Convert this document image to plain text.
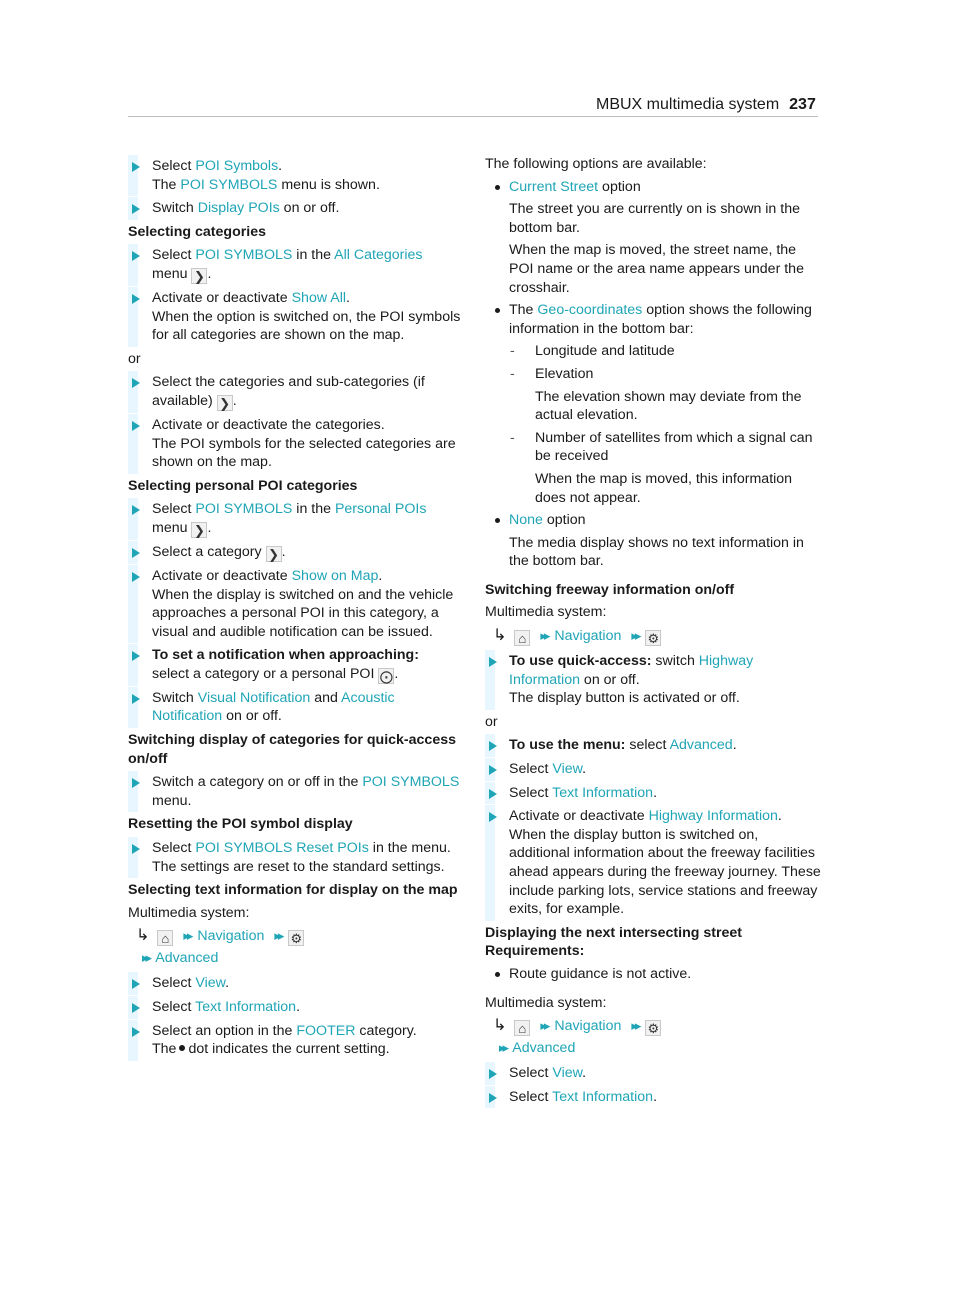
MBUX multimedia system 237

Select POI Symbols.

The POI SYMBOLS menu is shown.

Switch Display POIs on or off.

Selecting categories

Select POI SYMBOLS in the All Categories

menu ❯ .

Activate or deactivate Show All.

When the option is switched on, the POI symbols for all categories are shown on the map.

or

Select the categories and sub-categories (if available) ❯ .

Activate or deactivate the categories.

The POI symbols for the selected categories are shown on the map.

Selecting personal POI categories

Select POI SYMBOLS in the Personal POIs

menu ❯ .

Select a category ❯ .

Activate or deactivate Show on Map.

When the display is switched on and the vehicle approaches a personal POI in this category, a visual and audible notification can be issued.

To set a notification when approaching:

select a category or a personal POI ⨀ .

Switch Visual Notification and Acoustic Notification on or off.

Switching display of categories for quick-access on/off

Switch a category on or off in the POI SYMBOLS menu.

Resetting the POI symbol display

Select POI SYMBOLS Reset POIs in the menu.

The settings are reset to the standard settings.

Selecting text information for display on the map

Multimedia system:

↳ ⌂ ▸▸ Navigation ▸▸ ⚙
▸▸ Advanced

Select View.

Select Text Information.

Select an option in the FOOTER category.

The dot indicates the current setting.

The following options are available:

Current Street option

The street you are currently on is shown in the bottom bar.

When the map is moved, the street name, the POI name or the area name appears under the crosshair.

The Geo-coordinates option shows the following information in the bottom bar:

- Longitude and latitude

- Elevation

The elevation shown may deviate from the actual elevation.

- Number of satellites from which a signal can be received

When the map is moved, this information does not appear.

None option

The media display shows no text information in the bottom bar.

Switching freeway information on/off

Multimedia system:

↳ ⌂ ▸▸ Navigation ▸▸ ⚙

To use quick-access: switch Highway Information on or off.

The display button is activated or off.

or

To use the menu: select Advanced.

Select View.

Select Text Information.

Activate or deactivate Highway Information.

When the display button is switched on, additional information about the freeway facilities ahead appears during the freeway journey. These include parking lots, service stations and freeway exits, for example.

Displaying the next intersecting street

Requirements:

Route guidance is not active.

Multimedia system:

↳ ⌂ ▸▸ Navigation ▸▸ ⚙
▸▸ Advanced

Select View.

Select Text Information.
